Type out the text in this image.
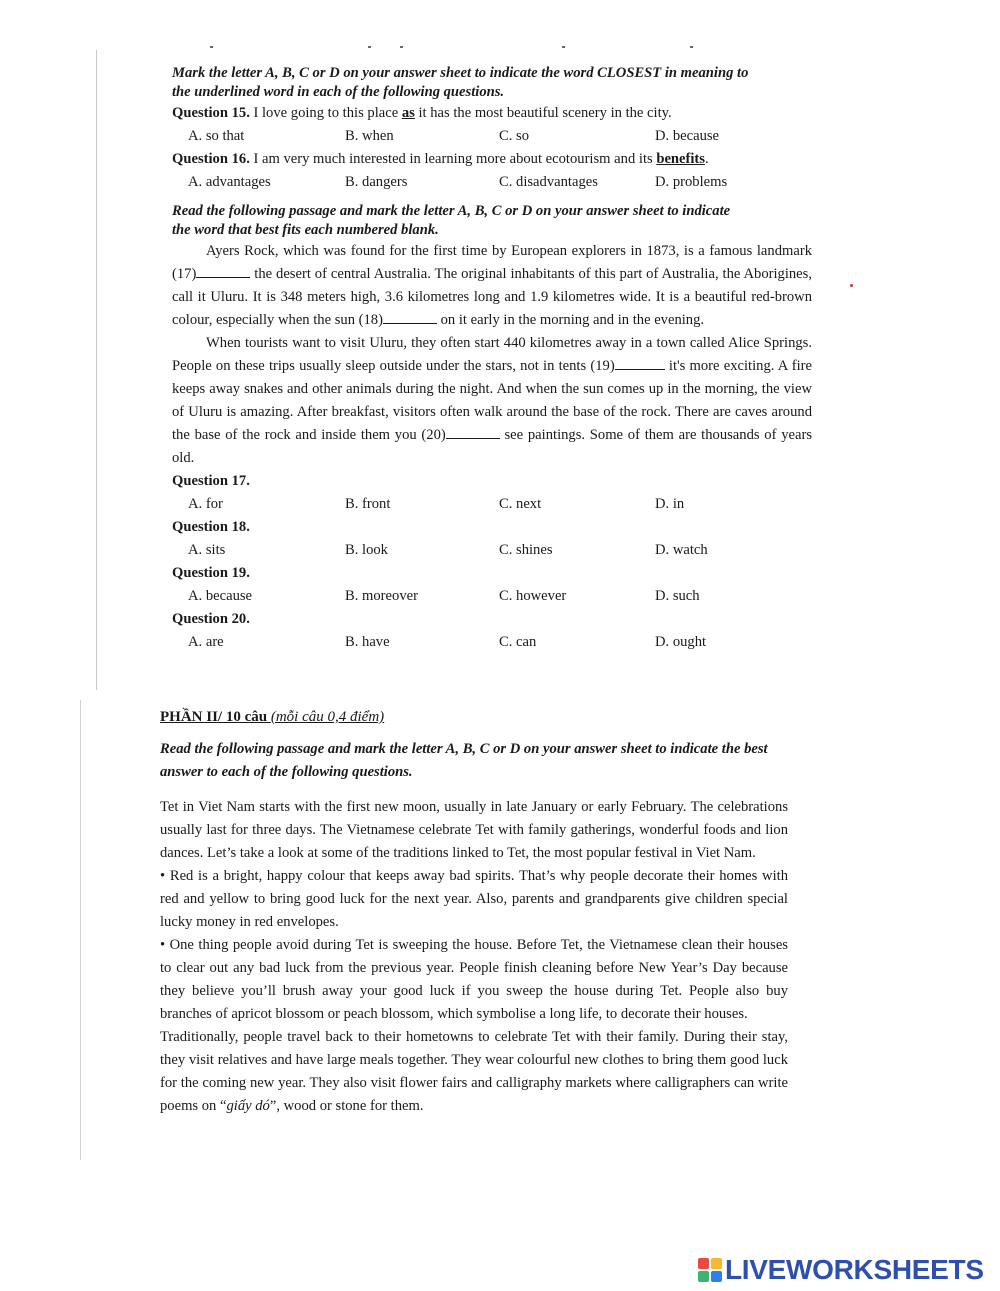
Mark the letter A, B, C or D on your answer sheet to indicate the word CLOSEST in meaning to
the underlined word in each of the following questions.
Question 15. I love going to this place as it has the most beautiful scenery in the city.
A. so that	B. when	C. so	D. because
Question 16. I am very much interested in learning more about ecotourism and its benefits.
A. advantages	B. dangers	C. disadvantages	D. problems
Read the following passage and mark the letter A, B, C or D on your answer sheet to indicate
the word that best fits each numbered blank.
Ayers Rock, which was found for the first time by European explorers in 1873, is a famous landmark (17)	the desert of central Australia. The original inhabitants of this part of Australia, the Aborigines, call it Uluru. It is 348 meters high, 3.6 kilometres long and 1.9 kilometres wide. It is a beautiful red-brown colour, especially when the sun (18)	on it early in the morning and in the evening.
When tourists want to visit Uluru, they often start 440 kilometres away in a town called Alice Springs. People on these trips usually sleep outside under the stars, not in tents (19)	it's more exciting. A fire keeps away snakes and other animals during the night. And when the sun comes up in the morning, the view of Uluru is amazing. After breakfast, visitors often walk around the base of the rock. There are caves around the base of the rock and inside them you (20)	see paintings. Some of them are thousands of years old.
Question 17.
A. for	B. front	C. next	D. in
Question 18.
A. sits	B. look	C. shines	D. watch
Question 19.
A. because	B. moreover	C. however	D. such
Question 20.
A. are	B. have	C. can	D. ought
PHẦN II/ 10 câu (mỗi câu 0,4 điểm)
Read the following passage and mark the letter A, B, C or D on your answer sheet to indicate the best answer to each of the following questions.

Tet in Viet Nam starts with the first new moon, usually in late January or early February. The celebrations usually last for three days. The Vietnamese celebrate Tet with family gatherings, wonderful foods and lion dances. Let’s take a look at some of the traditions linked to Tet, the most popular festival in Viet Nam.

• Red is a bright, happy colour that keeps away bad spirits. That’s why people decorate their homes with red and yellow to bring good luck for the next year. Also, parents and grandparents give children special lucky money in red envelopes.

• One thing people avoid during Tet is sweeping the house. Before Tet, the Vietnamese clean their houses to clear out any bad luck from the previous year. People finish cleaning before New Year’s Day because they believe you’ll brush away your good luck if you sweep the house during Tet. People also buy branches of apricot blossom or peach blossom, which symbolise a long life, to decorate their houses.

Traditionally, people travel back to their hometowns to celebrate Tet with their family. During their stay, they visit relatives and have large meals together. They wear colourful new clothes to bring them good luck for the coming new year. They also visit flower fairs and calligraphy markets where calligraphers can write poems on “giấy dó”, wood or stone for them.

LIVEWORKSHEETS
